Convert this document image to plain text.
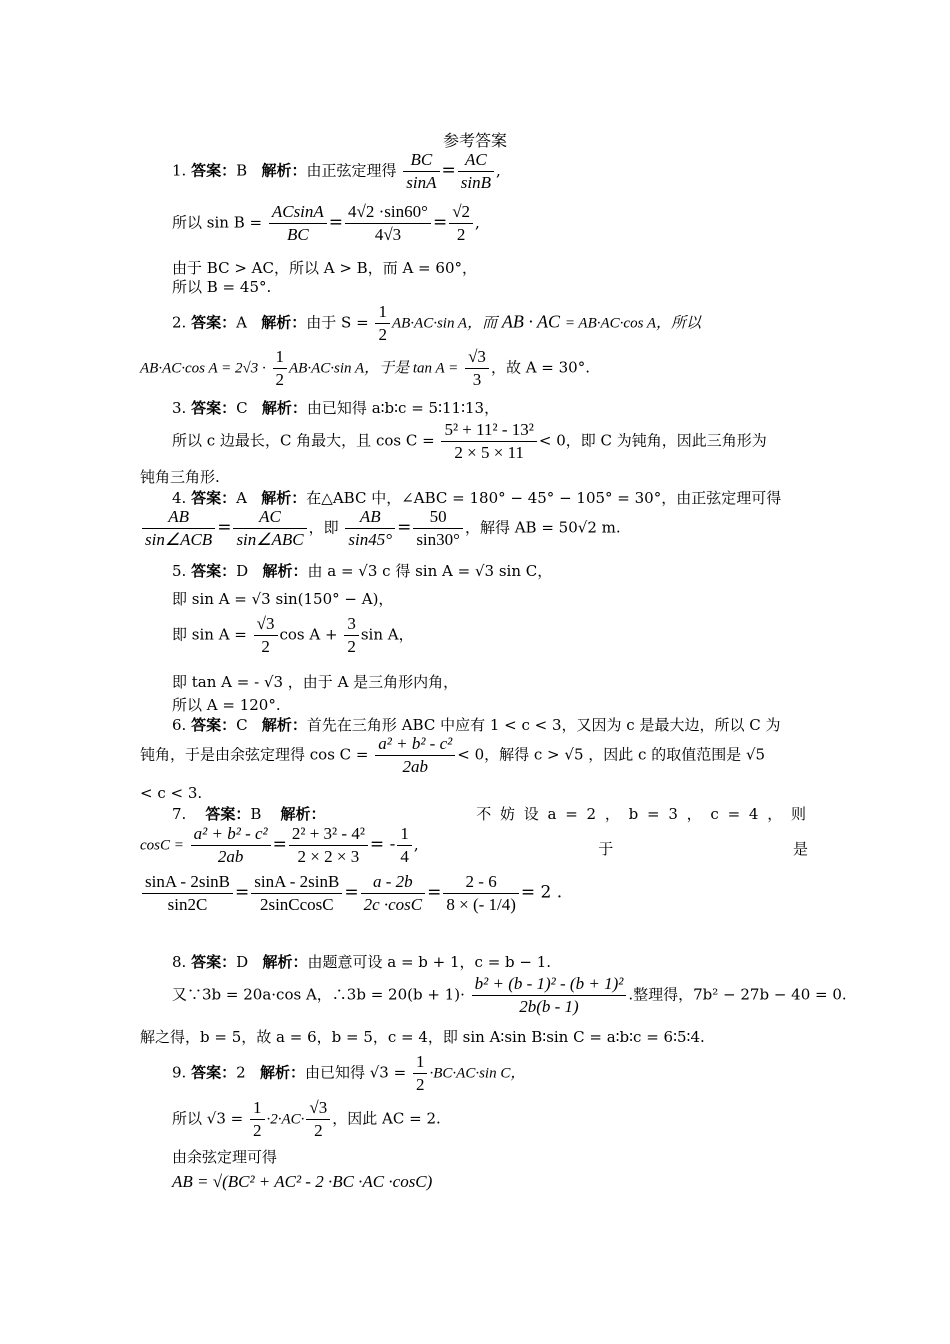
参考答案
1. 答案：B 解析：由正弦定理得 $\frac{BC}{\sin A} = \frac{AC}{\sin B}$ ,
所以 $\sin B = \frac{ACsinA}{BC} = \frac{4√2 \cdot\sin 60^\circ}{4√3} = \frac{√2}{2}$ ,
由于 BC > AC，所以 A > B，而 A = 60°，
所以 B = 45°.
2. 答案：A 解析：由于 $S = \frac{1}{2} AB\cdot AC\cdot\sin$ A，而 AB · AC = AB·AC·cos A，所以
AB·AC·cos $A = 2√3 \cdot \frac{1}{2} AB\cdot AC\cdot\sin$ A，于是 $\tan A = \frac{√3}{3}$ ，故 A = 30°.
3. 答案：C 解析：由已知得 a∶b∶c = 5∶11∶13，
所以 c 边最长，C 角最大，且 $\cos C = \frac{\text{5² + 11² - 13²}}{2 \times 5 \times 11} < 0$，即 C 为钝角，因此三角形为
钝角三角形.
4. 答案：A 解析：在△ABC 中，∠ABC = 180° − 45° − 105° = 30°，由正弦定理可得
$\frac{AB}{\text{sin∠ACB}} = \frac{AC}{\text{sin∠ABC}}$ ，即 $\frac{AB}{\sin 45^\circ} = \frac{50}{\sin 30^\circ}$ ，解得 AB = 50√2 m.
5. 答案：D 解析：由 a = √3 c 得 sin A = √3 sin C，
即 sin A = √3 sin(150° − A)，
即 $\sin A = \frac{√3}{2}$ $\cos A + \frac{3}{2}$ sin A，
即 tan A = - √3 ，由于 A 是三角形内角，
所以 A = 120°.
6. 答案：C 解析：首先在三角形 ABC 中应有 1 < c < 3，又因为 c 是最大边，所以 C 为
钝角，于是由余弦定理得 $\cos C = \frac{\text{a² + b² - c²}}{2ab} < 0$，解得 c > √5 ，因此 c 的取值范围是 √5
< c < 3.
7. 答案：B 解析：	不 妨 设 a = 2 ， b = 3 ， c = 4 ， 则
$\cos C = \frac{\text{a² + b² - c²}}{2ab} = \frac{\text{2² + 3² - 4²}}{2 \times 2 \times 3}$ = - $\frac{1}{4}$ ,	于	是
$\frac{\sin A - 2\sin B}{\sin 2C} = \frac{\sin A - 2\sin B}{\text{2sinCcosC}} = \frac{a - 2b}{2c \cdot\cos C} = \frac{2 - 6}{8 \times (- 1/4)} = 2$ .
8. 答案：D 解析：由题意可设 a = b + 1，c = b − 1.
又∵3b = 20a·cos A，∴3b = $20(b + 1)\cdot \frac{\text{b² + (b - 1)² - (b + 1)²}}{2b(b - 1)}$ .整理得，7b² − 27b − 40 = 0.
解之得，b = 5，故 a = 6，b = 5，c = 4，即 sin A∶sin B∶sin C = a∶b∶c = 6∶5∶4.
9. 答案：2 解析：由已知得 $√3 = \frac{1}{2} \cdot BC\cdot AC\cdot\sin$ C，
所以 $√3 = \frac{1}{2} \cdot 2\cdot AC\cdot \frac{√3}{2}$ ，因此 AC = 2.
由余弦定理可得
AB = √(BC² + AC² - 2 ·BC ·AC ·cosC)
